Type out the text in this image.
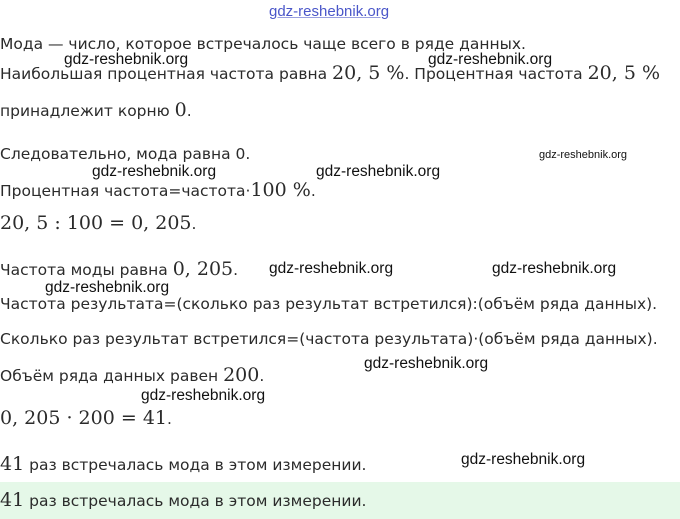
gdz-reshebnik.org
gdz-reshebnik.org	gdz-reshebnik.org
gdz-reshebnik.org
gdz-reshebnik.org	gdz-reshebnik.org
gdz-reshebnik.org	gdz-reshebnik.org
gdz-reshebnik.org
gdz-reshebnik.org
gdz-reshebnik.org
gdz-reshebnik.org
Мода — число, которое встречалось чаще всего в ряде данных.
Наибольшая процентная частота равна 20, 5 %. Процентная частота 20, 5 %
принадлежит корню 0.
Следовательно, мода равна 0.
Процентная частота=частота·100 %.
20, 5 : 100 = 0, 205.
Частота моды равна 0, 205.
Частота результата=(сколько раз результат встретился):(объём ряда данных).
Сколько раз результат встретился=(частота результата)·(объём ряда данных).
Объём ряда данных равен 200.
0, 205 · 200 = 41.
41 раз встречалась мода в этом измерении.
41 раз встречалась мода в этом измерении.
